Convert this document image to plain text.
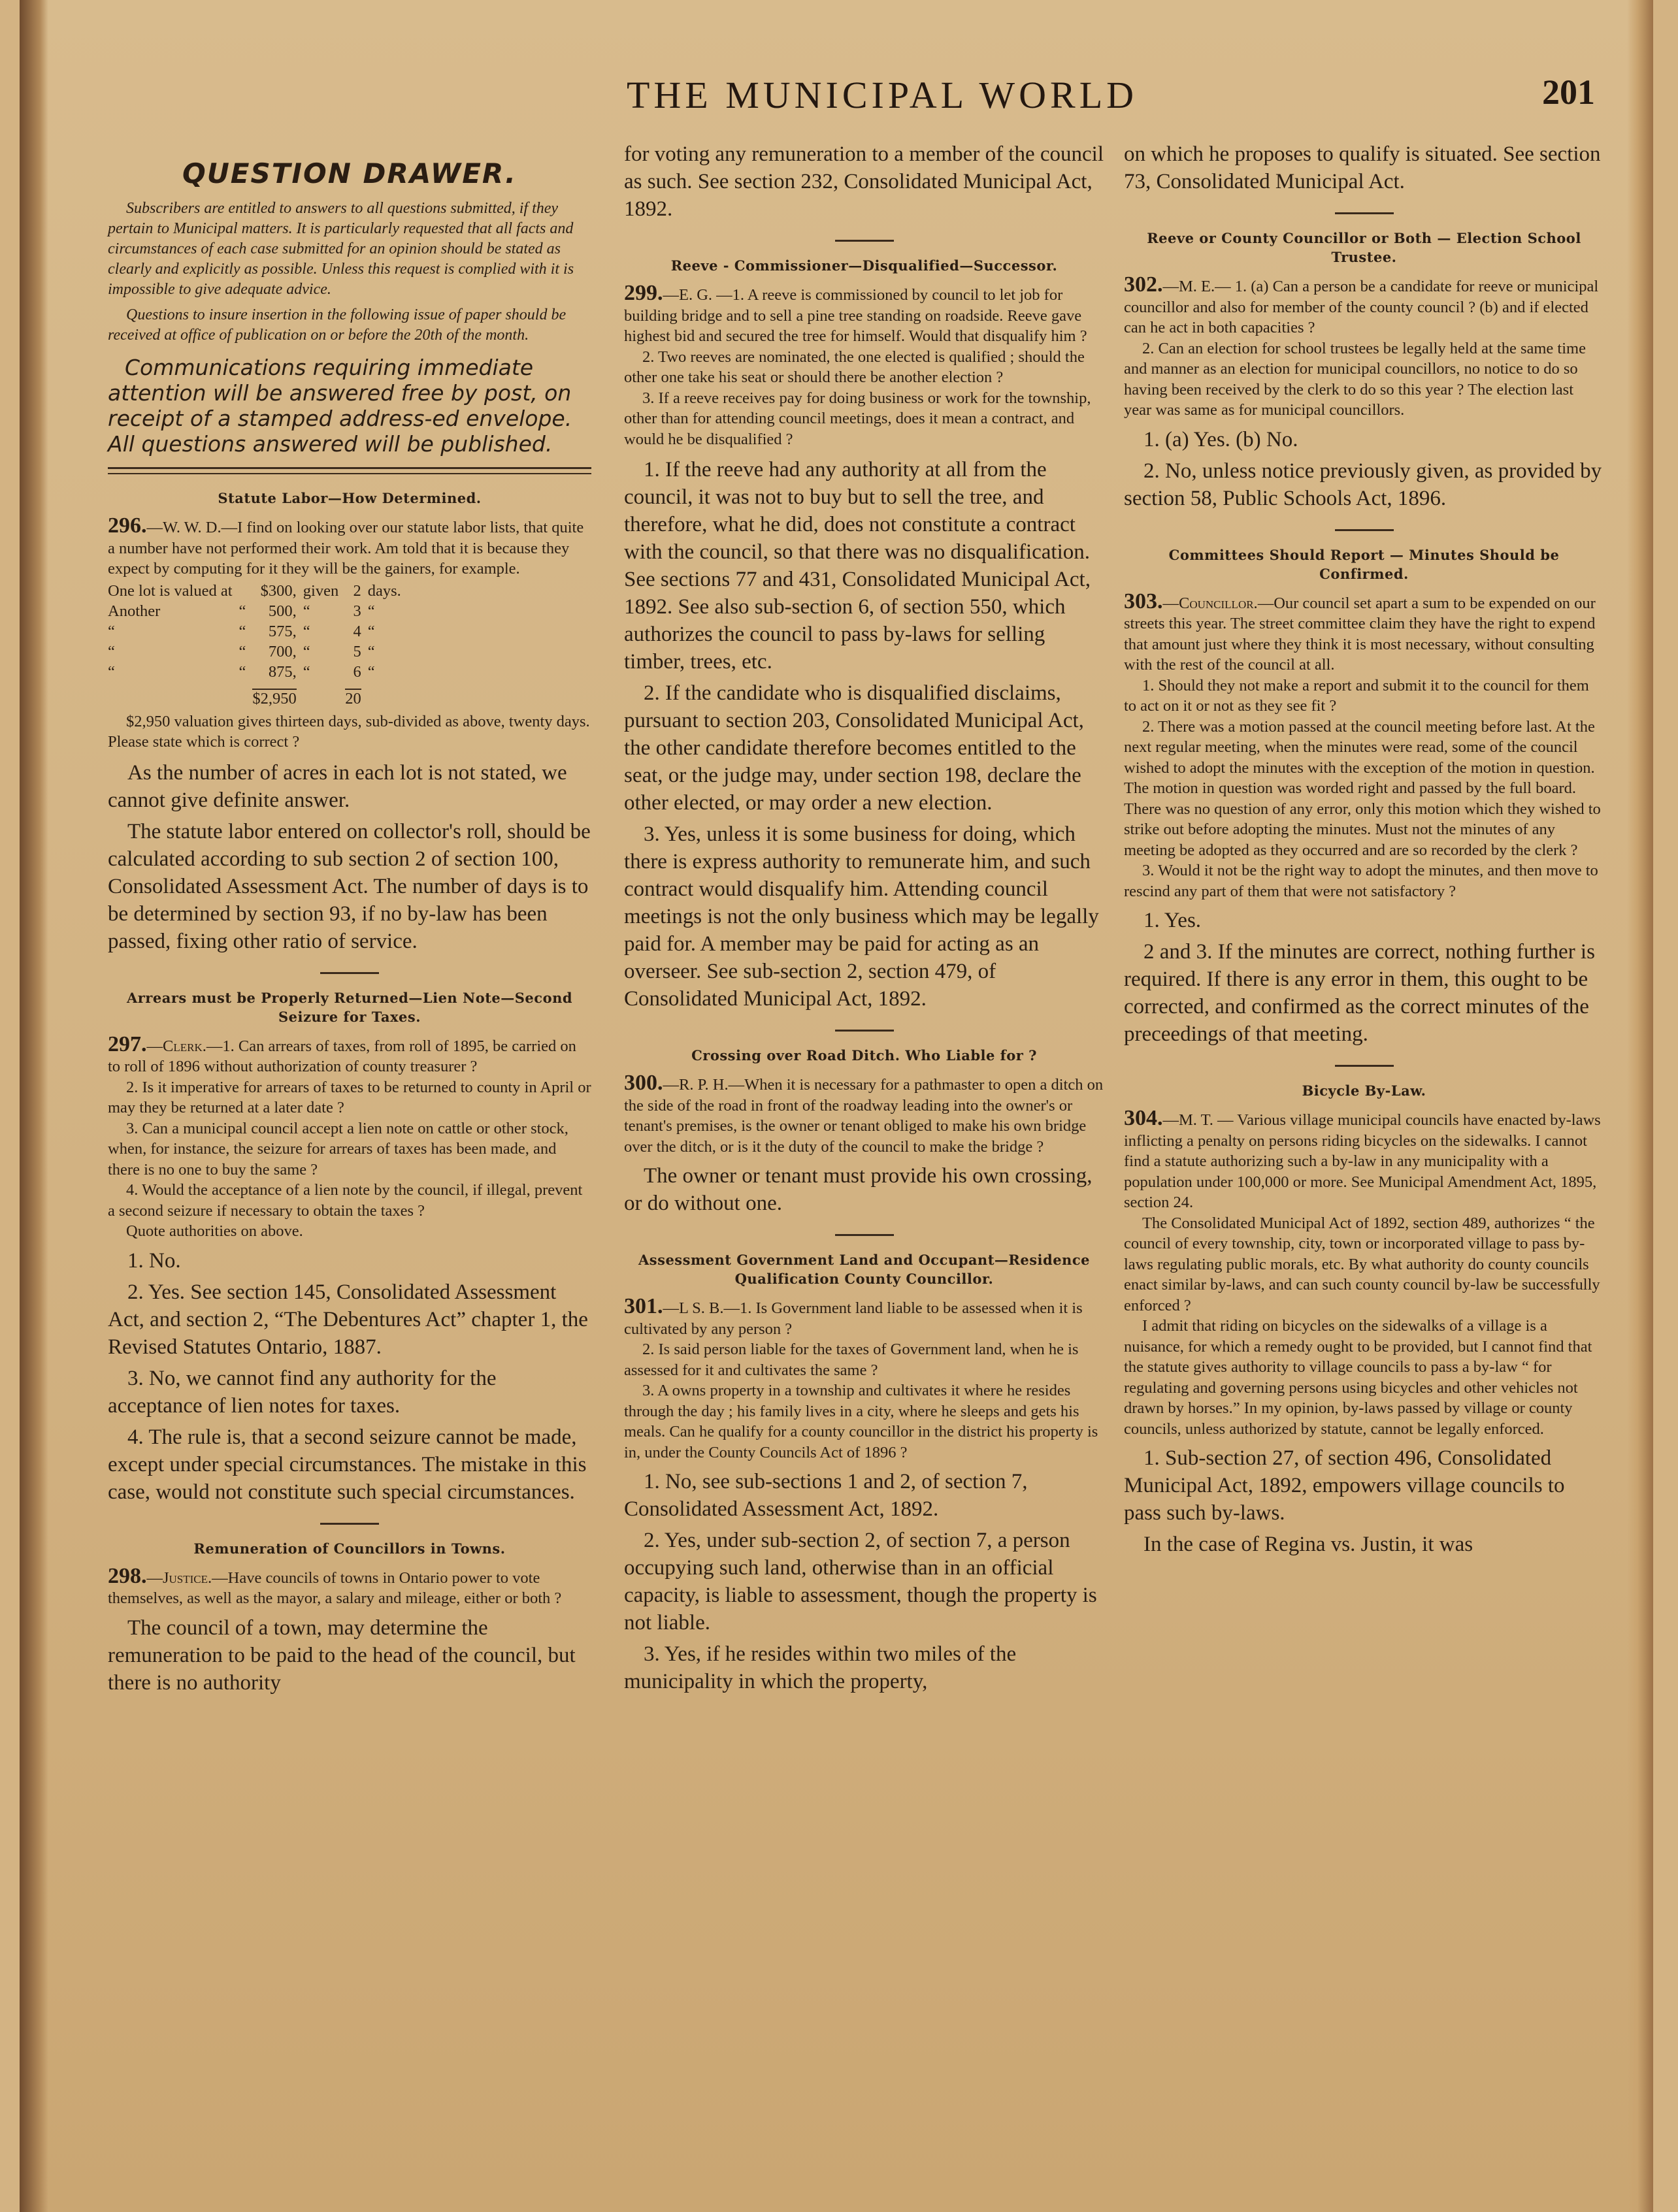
THE MUNICIPAL WORLD	201
QUESTION DRAWER.

Subscribers are entitled to answers to all questions submitted, if they pertain to Municipal matters. It is particularly requested that all facts and circumstances of each case submitted for an opinion should be stated as clearly and explicitly as possible. Unless this request is complied with it is impossible to give adequate advice.

Questions to insure insertion in the following issue of paper should be received at office of publication on or before the 20th of the month.

Communications requiring immediate attention will be answered free by post, on receipt of a stamped address-ed envelope. All questions answered will be published.

Statute Labor—How Determined.

296.—W. W. D.—I find on looking over our statute labor lists, that quite a number have not performed their work. Am told that it is because they expect by computing for it they will be the gainers, for example.

One lot is valued at		$300,	given	2	days.
Another	“	500,	“	3	“
“	“	575,	“	4	“
“	“	700,	“	5	“
“	“	875,	“	6	“
		$2,950		20	

$2,950 valuation gives thirteen days, sub-divided as above, twenty days. Please state which is correct ?

As the number of acres in each lot is not stated, we cannot give definite answer.

The statute labor entered on collector's roll, should be calculated according to sub section 2 of section 100, Consolidated Assessment Act. The number of days is to be determined by section 93, if no by-law has been passed, fixing other ratio of service.

Arrears must be Properly Returned—Lien Note—Second Seizure for Taxes.

297.—Clerk.—1. Can arrears of taxes, from roll of 1895, be carried on to roll of 1896 without authorization of county treasurer ?

2. Is it imperative for arrears of taxes to be returned to county in April or may they be returned at a later date ?

3. Can a municipal council accept a lien note on cattle or other stock, when, for instance, the seizure for arrears of taxes has been made, and there is no one to buy the same ?

4. Would the acceptance of a lien note by the council, if illegal, prevent a second seizure if necessary to obtain the taxes ?

Quote authorities on above.

1. No.

2. Yes. See section 145, Consolidated Assessment Act, and section 2, “The Debentures Act” chapter 1, the Revised Statutes Ontario, 1887.

3. No, we cannot find any authority for the acceptance of lien notes for taxes.

4. The rule is, that a second seizure cannot be made, except under special circumstances. The mistake in this case, would not constitute such special circumstances.

Remuneration of Councillors in Towns.

298.—Justice.—Have councils of towns in Ontario power to vote themselves, as well as the mayor, a salary and mileage, either or both ?

The council of a town, may determine the remuneration to be paid to the head of the council, but there is no authority

for voting any remuneration to a member of the council as such. See section 232, Consolidated Municipal Act, 1892.

Reeve - Commissioner—Disqualified—Successor.

299.—E. G. —1. A reeve is commissioned by council to let job for building bridge and to sell a pine tree standing on roadside. Reeve gave highest bid and secured the tree for himself. Would that disqualify him ?

2. Two reeves are nominated, the one elected is qualified ; should the other one take his seat or should there be another election ?

3. If a reeve receives pay for doing business or work for the township, other than for attending council meetings, does it mean a contract, and would he be disqualified ?

1. If the reeve had any authority at all from the council, it was not to buy but to sell the tree, and therefore, what he did, does not constitute a contract with the council, so that there was no disqualification. See sections 77 and 431, Consolidated Municipal Act, 1892. See also sub-section 6, of section 550, which authorizes the council to pass by-laws for selling timber, trees, etc.

2. If the candidate who is disqualified disclaims, pursuant to section 203, Consolidated Municipal Act, the other candidate therefore becomes entitled to the seat, or the judge may, under section 198, declare the other elected, or may order a new election.

3. Yes, unless it is some business for doing, which there is express authority to remunerate him, and such contract would disqualify him. Attending council meetings is not the only business which may be legally paid for. A member may be paid for acting as an overseer. See sub-section 2, section 479, of Consolidated Municipal Act, 1892.

Crossing over Road Ditch. Who Liable for ?

300.—R. P. H.—When it is necessary for a pathmaster to open a ditch on the side of the road in front of the roadway leading into the owner's or tenant's premises, is the owner or tenant obliged to make his own bridge over the ditch, or is it the duty of the council to make the bridge ?

The owner or tenant must provide his own crossing, or do without one.

Assessment Government Land and Occupant—Residence Qualification County Councillor.

301.—L S. B.—1. Is Government land liable to be assessed when it is cultivated by any person ?

2. Is said person liable for the taxes of Government land, when he is assessed for it and cultivates the same ?

3. A owns property in a township and cultivates it where he resides through the day ; his family lives in a city, where he sleeps and gets his meals. Can he qualify for a county councillor in the district his property is in, under the County Councils Act of 1896 ?

1. No, see sub-sections 1 and 2, of section 7, Consolidated Assessment Act, 1892.

2. Yes, under sub-section 2, of section 7, a person occupying such land, otherwise than in an official capacity, is liable to assessment, though the property is not liable.

3. Yes, if he resides within two miles of the municipality in which the property,

on which he proposes to qualify is situated. See section 73, Consolidated Municipal Act.

Reeve or County Councillor or Both — Election School Trustee.

302.—M. E.— 1. (a) Can a person be a candidate for reeve or municipal councillor and also for member of the county council ? (b) and if elected can he act in both capacities ?

2. Can an election for school trustees be legally held at the same time and manner as an election for municipal councillors, no notice to do so having been received by the clerk to do so this year ? The election last year was same as for municipal councillors.

1. (a) Yes. (b) No.

2. No, unless notice previously given, as provided by section 58, Public Schools Act, 1896.

Committees Should Report — Minutes Should be Confirmed.

303.—Councillor.—Our council set apart a sum to be expended on our streets this year. The street committee claim they have the right to expend that amount just where they think it is most necessary, without consulting with the rest of the council at all.

1. Should they not make a report and submit it to the council for them to act on it or not as they see fit ?

2. There was a motion passed at the council meeting before last. At the next regular meeting, when the minutes were read, some of the council wished to adopt the minutes with the exception of the motion in question. The motion in question was worded right and passed by the full board. There was no question of any error, only this motion which they wished to strike out before adopting the minutes. Must not the minutes of any meeting be adopted as they occurred and are so recorded by the clerk ?

3. Would it not be the right way to adopt the minutes, and then move to rescind any part of them that were not satisfactory ?

1. Yes.

2 and 3. If the minutes are correct, nothing further is required. If there is any error in them, this ought to be corrected, and confirmed as the correct minutes of the preceedings of that meeting.

Bicycle By-Law.

304.—M. T. — Various village municipal councils have enacted by-laws inflicting a penalty on persons riding bicycles on the sidewalks. I cannot find a statute authorizing such a by-law in any municipality with a population under 100,000 or more. See Municipal Amendment Act, 1895, section 24.

The Consolidated Municipal Act of 1892, section 489, authorizes “ the council of every township, city, town or incorporated village to pass by-laws regulating public morals, etc. By what authority do county councils enact similar by-laws, and can such county council by-law be successfully enforced ?

I admit that riding on bicycles on the sidewalks of a village is a nuisance, for which a remedy ought to be provided, but I cannot find that the statute gives authority to village councils to pass a by-law “ for regulating and governing persons using bicycles and other vehicles not drawn by horses.” In my opinion, by-laws passed by village or county councils, unless authorized by statute, cannot be legally enforced.

1. Sub-section 27, of section 496, Consolidated Municipal Act, 1892, empowers village councils to pass such by-laws.

In the case of Regina vs. Justin, it was
